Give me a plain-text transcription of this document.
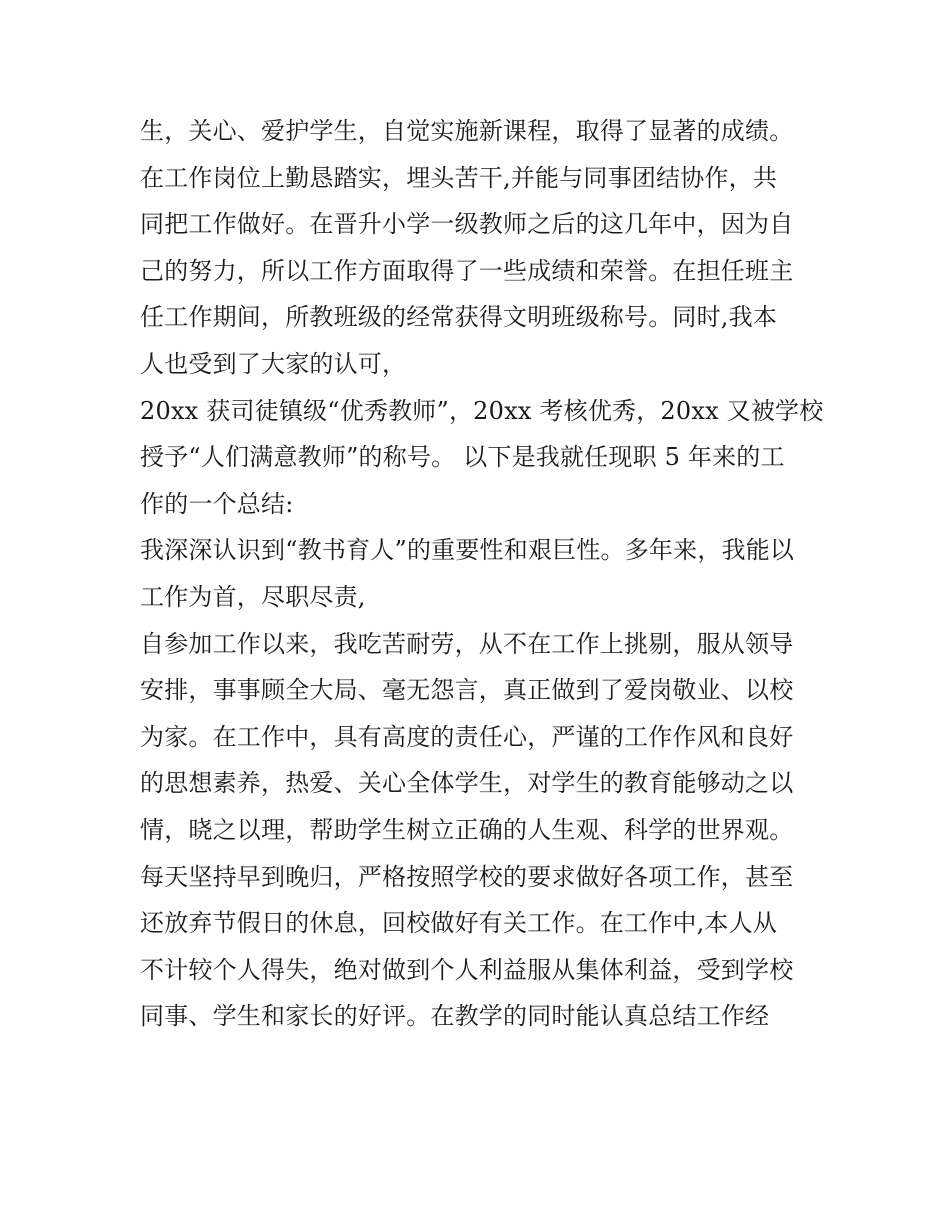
生，关心、爱护学生，自觉实施新课程，取得了显著的成绩。
在工作岗位上勤恳踏实，埋头苦干,并能与同事团结协作，共
同把工作做好。在晋升小学一级教师之后的这几年中，因为自
己的努力，所以工作方面取得了一些成绩和荣誉。在担任班主
任工作期间，所教班级的经常获得文明班级称号。同时,我本
人也受到了大家的认可，
20xx 获司徒镇级“优秀教师”，20xx 考核优秀，20xx 又被学校
授予“人们满意教师”的称号。 以下是我就任现职 5 年来的工
作的一个总结:
我深深认识到“教书育人”的重要性和艰巨性。多年来，我能以
工作为首，尽职尽责,
自参加工作以来，我吃苦耐劳，从不在工作上挑剔，服从领导
安排，事事顾全大局、毫无怨言，真正做到了爱岗敬业、以校
为家。在工作中，具有高度的责任心，严谨的工作作风和良好
的思想素养，热爱、关心全体学生，对学生的教育能够动之以
情，晓之以理，帮助学生树立正确的人生观、科学的世界观。
每天坚持早到晚归，严格按照学校的要求做好各项工作，甚至
还放弃节假日的休息，回校做好有关工作。在工作中,本人从
不计较个人得失，绝对做到个人利益服从集体利益，受到学校
同事、学生和家长的好评。在教学的同时能认真总结工作经
